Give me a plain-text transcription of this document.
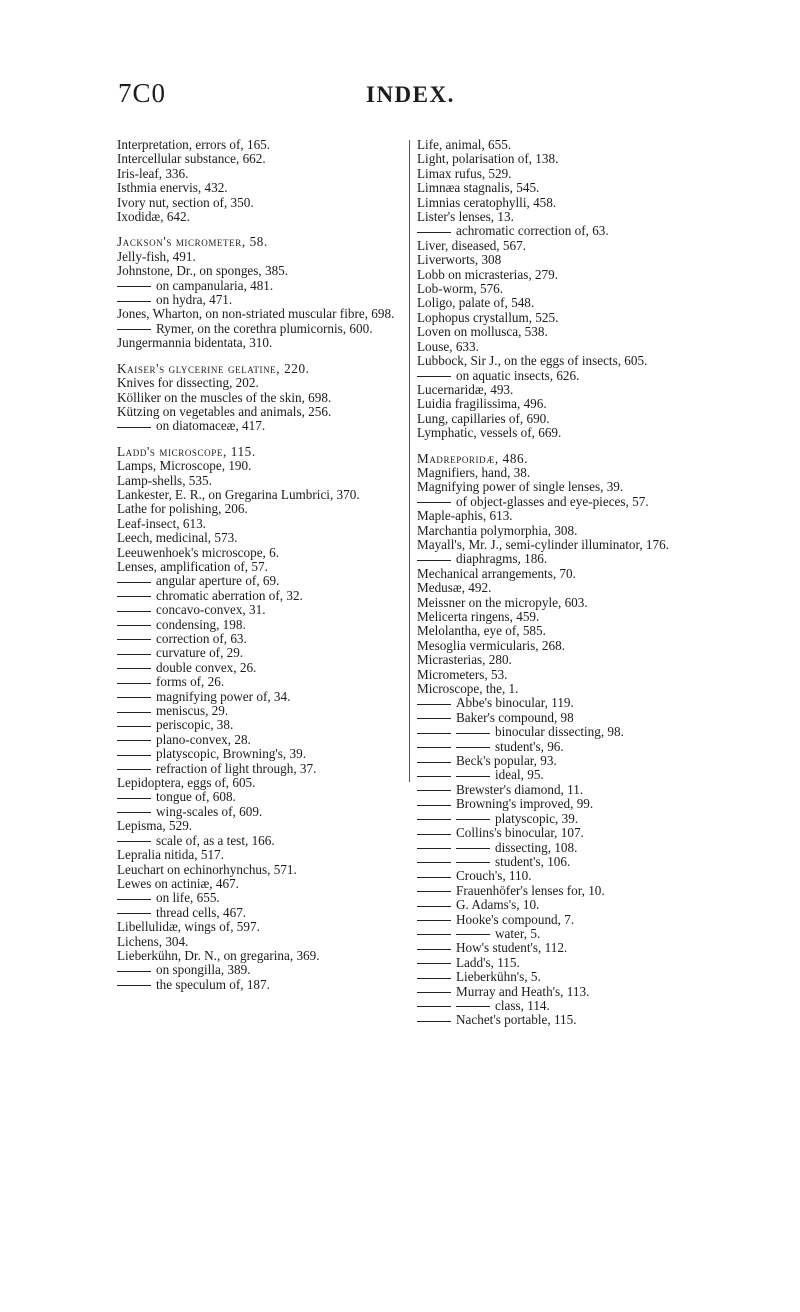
7C0	INDEX.
Interpretation, errors of, 165.
Intercellular substance, 662.
Iris-leaf, 336.
Isthmia enervis, 432.
Ivory nut, section of, 350.
Ixodidæ, 642.
Jackson's micrometer, 58.
Jelly-fish, 491.
Johnstone, Dr., on sponges, 385.
on campanularia, 481.
on hydra, 471.
Jones, Wharton, on non-striated muscular fibre, 698.
Rymer, on the corethra plumicornis, 600.
Jungermannia bidentata, 310.
Kaiser's glycerine gelatine, 220.
Knives for dissecting, 202.
Kölliker on the muscles of the skin, 698.
Kützing on vegetables and animals, 256.
on diatomaceæ, 417.
Ladd's microscope, 115.
Lamps, Microscope, 190.
Lamp-shells, 535.
Lankester, E. R., on Gregarina Lumbrici, 370.
Lathe for polishing, 206.
Leaf-insect, 613.
Leech, medicinal, 573.
Leeuwenhoek's microscope, 6.
Lenses, amplification of, 57.
angular aperture of, 69.
chromatic aberration of, 32.
concavo-convex, 31.
condensing, 198.
correction of, 63.
curvature of, 29.
double convex, 26.
forms of, 26.
magnifying power of, 34.
meniscus, 29.
periscopic, 38.
plano-convex, 28.
platyscopic, Browning's, 39.
refraction of light through, 37.
Lepidoptera, eggs of, 605.
tongue of, 608.
wing-scales of, 609.
Lepisma, 529.
scale of, as a test, 166.
Lepralia nitida, 517.
Leuchart on echinorhynchus, 571.
Lewes on actiniæ, 467.
on life, 655.
thread cells, 467.
Libellulidæ, wings of, 597.
Lichens, 304.
Lieberkühn, Dr. N., on gregarina, 369.
on spongilla, 389.
the speculum of, 187.
Life, animal, 655.
Light, polarisation of, 138.
Limax rufus, 529.
Limnæa stagnalis, 545.
Limnias ceratophylli, 458.
Lister's lenses, 13.
achromatic correction of, 63.
Liver, diseased, 567.
Liverworts, 308
Lobb on micrasterias, 279.
Lob-worm, 576.
Loligo, palate of, 548.
Lophopus crystallum, 525.
Loven on mollusca, 538.
Louse, 633.
Lubbock, Sir J., on the eggs of insects, 605.
on aquatic insects, 626.
Lucernaridæ, 493.
Luidia fragilissima, 496.
Lung, capillaries of, 690.
Lymphatic, vessels of, 669.
Madreporidæ, 486.
Magnifiers, hand, 38.
Magnifying power of single lenses, 39.
of object-glasses and eye-pieces, 57.
Maple-aphis, 613.
Marchantia polymorphia, 308.
Mayall's, Mr. J., semi-cylinder illuminator, 176.
diaphragms, 186.
Mechanical arrangements, 70.
Medusæ, 492.
Meissner on the micropyle, 603.
Melicerta ringens, 459.
Melolantha, eye of, 585.
Mesoglia vermicularis, 268.
Micrasterias, 280.
Micrometers, 53.
Microscope, the, 1.
Abbe's binocular, 119.
Baker's compound, 98
binocular dissecting, 98.
student's, 96.
Beck's popular, 93.
ideal, 95.
Brewster's diamond, 11.
Browning's improved, 99.
platyscopic, 39.
Collins's binocular, 107.
dissecting, 108.
student's, 106.
Crouch's, 110.
Frauenhöfer's lenses for, 10.
G. Adams's, 10.
Hooke's compound, 7.
water, 5.
How's student's, 112.
Ladd's, 115.
Lieberkühn's, 5.
Murray and Heath's, 113.
class, 114.
Nachet's portable, 115.
